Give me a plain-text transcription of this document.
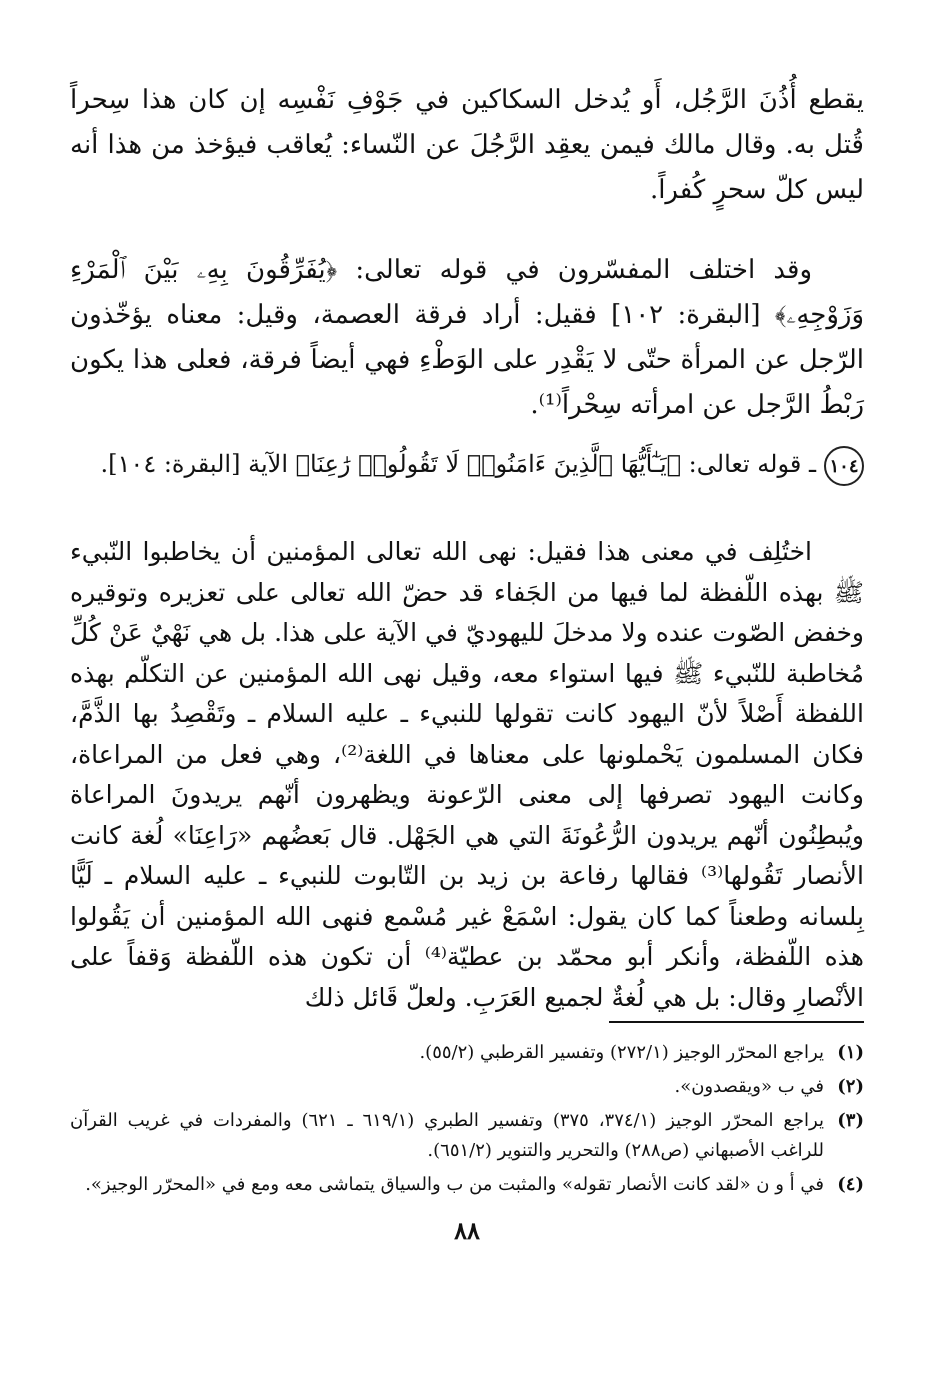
يقطع أُذُنَ الرَّجُل، أَو يُدخل السكاكين في جَوْفِ نَفْسِه إن كان هذا سِحراً قُتل به. وقال مالك فيمن يعقِد الرَّجُلَ عن النّساء: يُعاقب فيؤخذ من هذا أنه ليس كلّ سحرٍ كُفراً.

وقد اختلف المفسّرون في قوله تعالى: ﴿يُفَرِّقُونَ بِهِۦ بَيْنَ ٱلْمَرْءِ وَزَوْجِهِۦ﴾ [البقرة: ١٠٢] فقيل: أراد فرقة العصمة، وقيل: معناه يؤخّذون الرّجل عن المرأة حتّى لا يَقْدِر على الوَطْءِ فهي أيضاً فرقة، فعلى هذا يكون رَبْطُ الرَّجل عن امرأته سِحْراً⁽¹⁾.

١٠٤
ـ قوله تعالى: ﴿يَـٰٓأَيُّهَا ٱلَّذِينَ ءَامَنُوا۟ لَا تَقُولُوا۟ رَٰعِنَا﴾ الآية [البقرة: ١٠٤].

اختُلِف في معنى هذا فقيل: نهى الله تعالى المؤمنين أن يخاطبوا النّبيء ﷺ بهذه اللّفظة لما فيها من الجَفاء قد حضّ الله تعالى على تعزيره وتوقيره وخفض الصّوت عنده ولا مدخلَ لليهوديّ في الآية على هذا. بل هي نَهْيٌ عَنْ كُلِّ مُخاطبة للنّبيء ﷺ فيها استواء معه، وقيل نهى الله المؤمنين عن التكلّم بهذه اللفظة أَصْلاً لأنّ اليهود كانت تقولها للنبيء ـ عليه السلام ـ وتَقْصِدُ بها الذَّمَّ، فكان المسلمون يَحْملونها على معناها في اللغة⁽²⁾، وهي فعل من المراعاة، وكانت اليهود تصرفها إلى معنى الرّعونة ويظهرون أنّهم يريدونَ المراعاة ويُبطِنُون أنّهم يريدون الرُّعُونَةَ التي هي الجَهْل. قال بَعضُهم «رَاعِنَا» لُغة كانت الأنصار تَقُولها⁽³⁾ فقالها رفاعة بن زيد بن التّابوت للنبيء ـ عليه السلام ـ لَيًّا بِلسانه وطعناً كما كان يقول: اسْمَعْ غير مُسْمع فنهى الله المؤمنين أن يَقُولوا هذه اللّفظة، وأنكر أبو محمّد بن عطيّة⁽⁴⁾ أن تكون هذه اللّفظة وَقفاً على الأنْصارِ وقال: بل هي لُغةٌ لجميع العَرَبِ. ولعلّ قَائل ذلك

(١)
يراجع المحرّر الوجيز (٢٧٢/١) وتفسير القرطبي (٥٥/٢).
(٢)
في ب «ويقصدون».
(٣)
يراجع المحرّر الوجيز (٣٧٤/١، ٣٧٥) وتفسير الطبري (٦١٩/١ ـ ٦٢١) والمفردات في غريب القرآن للراغب الأصبهاني (ص٢٨٨) والتحرير والتنوير (٦٥١/٢).
(٤)
في أ و ن «لقد كانت الأنصار تقوله» والمثبت من ب والسياق يتماشى معه ومع في «المحرّر الوجيز».
٨٨
